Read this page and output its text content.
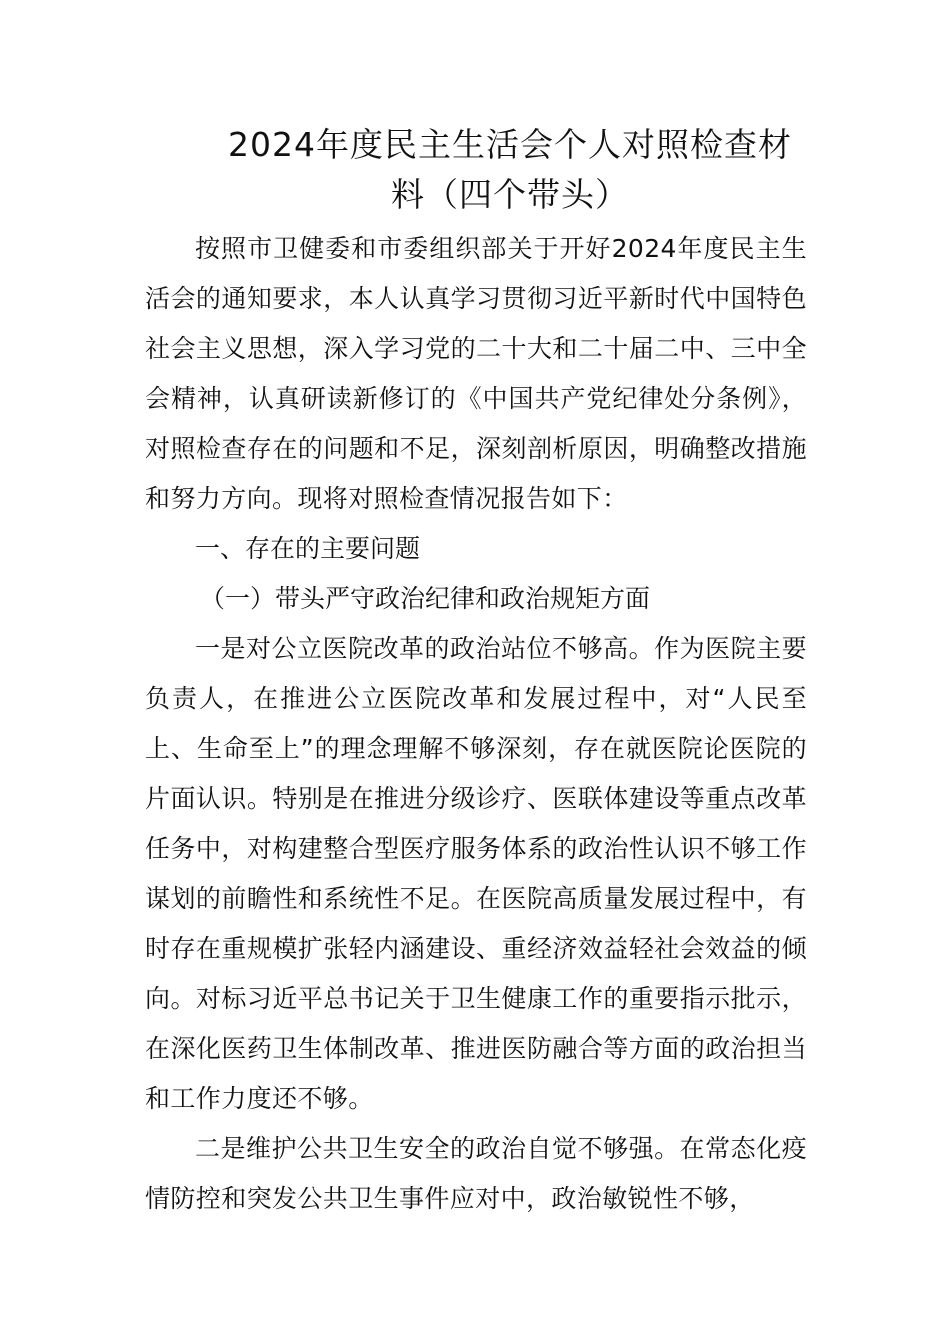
2024年度民主生活会个人对照检查材
料（四个带头）

按照市卫健委和市委组织部关于开好2024年度民主生活会的通知要求，本人认真学习贯彻习近平新时代中国特色社会主义思想，深入学习党的二十大和二十届二中、三中全会精神，认真研读新修订的《中国共产党纪律处分条例》，对照检查存在的问题和不足，深刻剖析原因，明确整改措施和努力方向。现将对照检查情况报告如下：

一、存在的主要问题

（一）带头严守政治纪律和政治规矩方面

一是对公立医院改革的政治站位不够高。作为医院主要负责人，在推进公立医院改革和发展过程中，对“人民至上、生命至上”的理念理解不够深刻，存在就医院论医院的片面认识。特别是在推进分级诊疗、医联体建设等重点改革任务中，对构建整合型医疗服务体系的政治性认识不够工作谋划的前瞻性和系统性不足。在医院高质量发展过程中，有时存在重规模扩张轻内涵建设、重经济效益轻社会效益的倾向。对标习近平总书记关于卫生健康工作的重要指示批示，在深化医药卫生体制改革、推进医防融合等方面的政治担当和工作力度还不够。

二是维护公共卫生安全的政治自觉不够强。在常态化疫情防控和突发公共卫生事件应对中，政治敏锐性不够，
